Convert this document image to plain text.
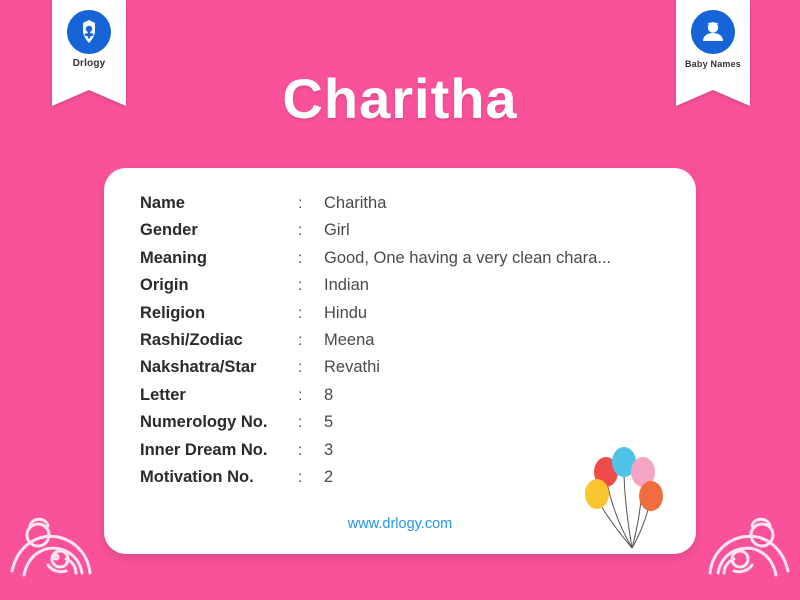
Drlogy	Baby Names
Charitha
Name	:	Charitha
Gender	:	Girl
Meaning	:	Good, One having a very clean chara...
Origin	:	Indian
Religion	:	Hindu
Rashi/Zodiac	:	Meena
Nakshatra/Star	:	Revathi
Letter	:	8
Numerology No.	:	5
Inner Dream No.	:	3
Motivation No.	:	2
www.drlogy.com
